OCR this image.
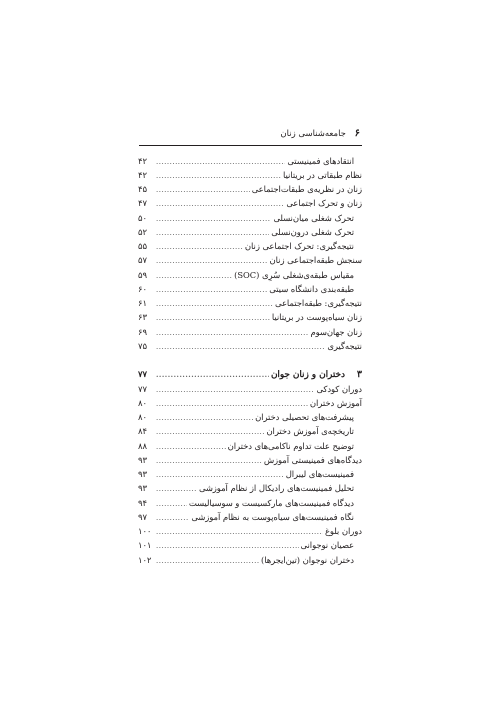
۶ جامعه‌شناسی زنان
انتقادهای فمینیستی
.....
۴۲
نظام طبقاتی در بریتانیا
.....
۴۲
زنان در نظریه‌ی طبقات‌اجتماعی
.....
۴۵
زنان و تحرک اجتماعی
.....
۴۷
تحرک شغلی میان‌نسلی
.....
۵۰
تحرک شغلی درون‌نسلی
.....
۵۲
نتیجه‌گیری: تحرک اجتماعی زنان
.....
۵۵
سنجش طبقه‌اجتماعی زنان
.....
۵۷
مقیاس طبقه‌ی‌شغلی سُرِی (SOC)
.....
۵۹
طبقه‌بندی دانشگاه سیتی
.....
۶۰
نتیجه‌گیری: طبقه‌اجتماعی
.....
۶۱
زنان سیاه‌پوست در بریتانیا
.....
۶۳
زنان جهان‌سوم
.....
۶۹
نتیجه‌گیری
.....
۷۵
۳
دختران و زنان جوان
.....
۷۷
دوران کودکی
.....
۷۷
آموزش دختران
.....
۸۰
پیشرفت‌های تحصیلی دختران
.....
۸۰
تاریخچه‌ی آموزش دختران
.....
۸۴
توضیح علت تداوم ناکامی‌های دختران
.....
۸۸
دیدگاه‌های فمینیستی آموزش
.....
۹۳
فمینیست‌های لیبرال
.....
۹۳
تحلیل فمینیست‌های رادیکال از نظام آموزشی
.....
۹۳
دیدگاه فمینیست‌های مارکسیست و سوسیالیست
.....
۹۴
نگاه فمینیست‌های سیاه‌پوست به نظام آموزشی
.....
۹۷
دوران بلوغ
.....
۱۰۰
عصیان نوجوانی
.....
۱۰۱
دختران نوجوان (تین‌ایجرها)
.....
۱۰۲
